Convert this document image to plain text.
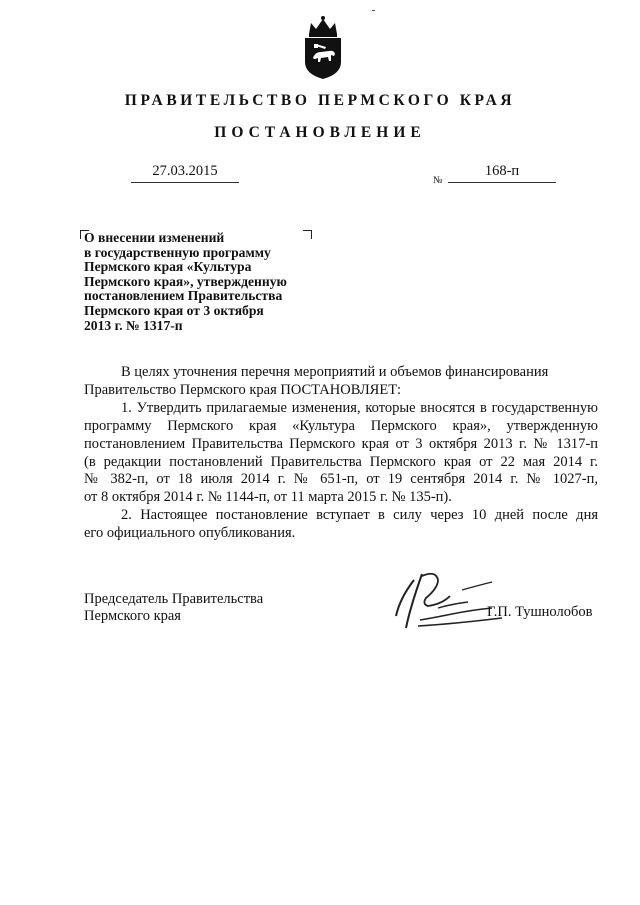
ПРАВИТЕЛЬСТВО ПЕРМСКОГО КРАЯ
ПОСТАНОВЛЕНИЕ
27.03.2015
№
168-п
О внесении изменений
в государственную программу
Пермского края «Культура
Пермского края», утвержденную
постановлением Правительства
Пермского края от 3 октября
2013 г. № 1317-п
В целях уточнения перечня мероприятий и объемов финансирования
Правительство Пермского края ПОСТАНОВЛЯЕТ:
1. Утвердить прилагаемые изменения, которые вносятся в государственную
программу Пермского края «Культура Пермского края», утвержденную
постановлением Правительства Пермского края от 3 октября 2013 г. № 1317-п
(в редакции постановлений Правительства Пермского края от 22 мая 2014 г.
№ 382-п, от 18 июля 2014 г. № 651-п, от 19 сентября 2014 г. № 1027-п,
от 8 октября 2014 г. № 1144-п, от 11 марта 2015 г. № 135-п).
2. Настоящее постановление вступает в силу через 10 дней после дня
его официального опубликования.
Председатель Правительства
Пермского края	Г.П. Тушнолобов
